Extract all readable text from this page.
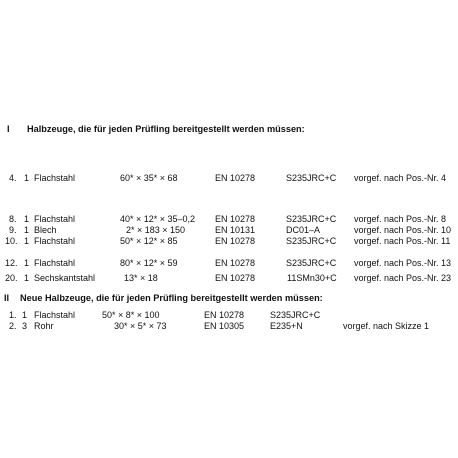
I Halbzeuge, die für jeden Prüfling bereitgestellt werden müssen:
4. 1 Flachstahl	60* × 35* × 68	EN 10278	S235JRC+C vorgef. nach Pos.-Nr. 4
8. 1 Flachstahl	40* × 12* × 35–0,2 EN 10278	S235JRC+C vorgef. nach Pos.-Nr. 8
9. 1 Blech	2* × 183 × 150	EN 10131	DC01–A	vorgef. nach Pos.-Nr. 10
10. 1 Flachstahl	50* × 12* × 85	EN 10278	S235JRC+C vorgef. nach Pos.-Nr. 11
12. 1 Flachstahl	80* × 12* × 59	EN 10278	S235JRC+C vorgef. nach Pos.-Nr. 13
20. 1 Sechskantstahl	13* × 18	EN 10278	11SMn30+C vorgef. nach Pos.-Nr. 23
II Neue Halbzeuge, die für jeden Prüfling bereitgestellt werden müssen:
1. 1 Flachstahl	50* × 8* × 100	EN 10278	S235JRC+C
2. 3 Rohr	30* × 5* × 73	EN 10305	E235+N	vorgef. nach Skizze 1
